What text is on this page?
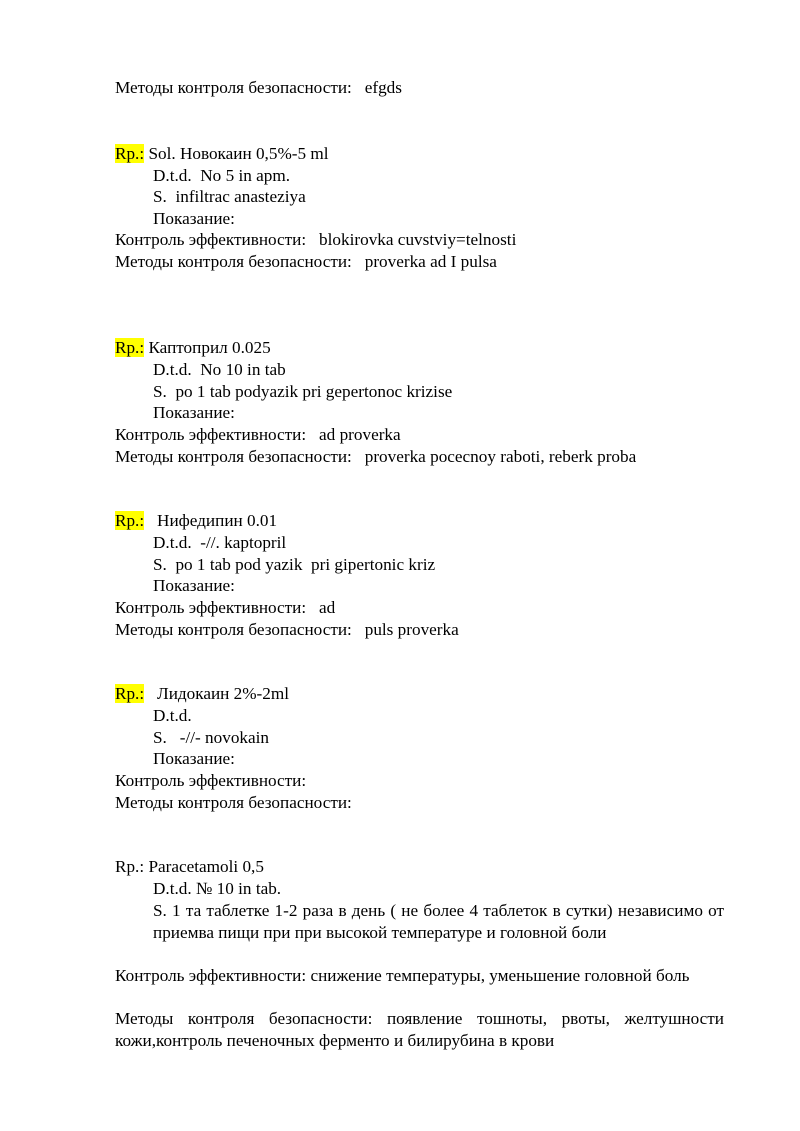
Методы контроля безопасности: efgds
Rp.: Sol. Новокаин 0,5%-5 ml
D.t.d.  No 5 in apm.
S.  infiltrac anasteziya
Показание:
Контроль эффективности: blokirovka cuvstviy=telnosti
Методы контроля безопасности: proverka ad I pulsa
Rp.: Каптоприл 0.025
D.t.d.  No 10 in tab
S.  po 1 tab podyazik pri gepertonoc krizise
Показание:
Контроль эффективности: ad proverka
Методы контроля безопасности: proverka pocecnoy raboti, reberk proba
Rp.: Нифедипин 0.01
D.t.d.  -//. kaptopril
S.  po 1 tab pod yazik  pri gipertonic kriz
Показание:
Контроль эффективности: ad
Методы контроля безопасности: puls proverka
Rp.: Лидокаин 2%-2ml
D.t.d.
S.   -//- novokain
Показание:
Контроль эффективности:
Методы контроля безопасности:
Rp.: Paracetamoli 0,5
D.t.d. № 10 in tab.
S. 1 та таблетке 1-2 раза в день ( не более 4 таблеток в сутки) независимо от приемва пищи при при высокой температуре и головной боли
Контроль эффективности: снижение температуры, уменьшение головной боль
Методы контроля безопасности: появление тошноты, рвоты, желтушности кожи,контроль печеночных ферменто и билирубина в крови
